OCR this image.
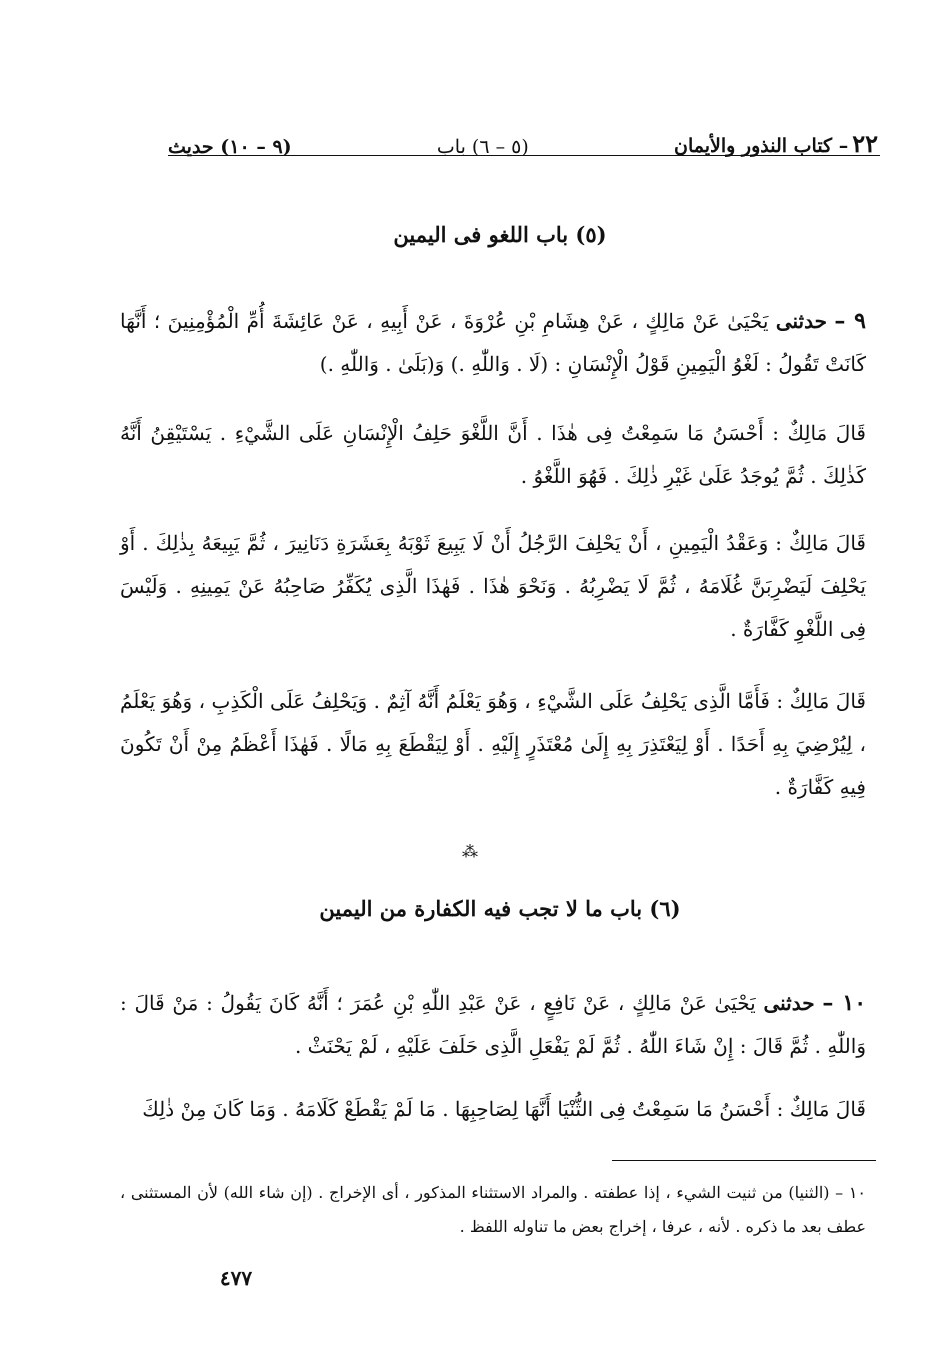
٢٢– كتاب النذور والأيمان
(٥ – ٦) باب
(٩ – ١٠) حديث
(٥) باب اللغو فى اليمين

٩ – حدثنى يَحْيَىٰ عَنْ مَالِكٍ ، عَنْ هِشَامِ بْنِ عُرْوَةَ ، عَنْ أَبِيهِ ، عَنْ عَائِشَةَ أُمِّ الْمُؤْمِنِينَ ؛ أَنَّهَا كَانَتْ تَقُولُ : لَغْوُ الْيَمِينِ قَوْلُ الْإِنْسَانِ : (لَا . وَاللّٰهِ .) وَ(بَلَىٰ . وَاللّٰهِ .)

قَالَ مَالِكٌ : أَحْسَنُ مَا سَمِعْتُ فِى هٰذَا . أَنَّ اللَّغْوَ حَلِفُ الْإِنْسَانِ عَلَى الشَّيْءِ . يَسْتَيْقِنُ أَنَّهُ كَذٰلِكَ . ثُمَّ يُوجَدُ عَلَىٰ غَيْرِ ذٰلِكَ . فَهُوَ اللَّغْوُ .

قَالَ مَالِكٌ : وَعَقْدُ الْيَمِينِ ، أَنْ يَحْلِفَ الرَّجُلُ أَنْ لَا يَبِيعَ ثَوْبَهُ بِعَشَرَةِ دَنَانِيرَ ، ثُمَّ يَبِيعَهُ بِذٰلِكَ . أَوْ يَحْلِفَ لَيَضْرِبَنَّ غُلَامَهُ ، ثُمَّ لَا يَضْرِبُهُ . وَنَحْوَ هٰذَا . فَهٰذَا الَّذِى يُكَفِّرُ صَاحِبُهُ عَنْ يَمِينِهِ . وَلَيْسَ فِى اللَّغْوِ كَفَّارَةٌ .

قَالَ مَالِكٌ : فَأَمَّا الَّذِى يَحْلِفُ عَلَى الشَّيْءِ ، وَهُوَ يَعْلَمُ أَنَّهُ آثِمٌ . وَيَحْلِفُ عَلَى الْكَذِبِ ، وَهُوَ يَعْلَمُ ، لِيُرْضِيَ بِهِ أَحَدًا . أَوْ لِيَعْتَذِرَ بِهِ إِلَىٰ مُعْتَذَرٍ إِلَيْهِ . أَوْ لِيَقْطَعَ بِهِ مَالًا . فَهٰذَا أَعْظَمُ مِنْ أَنْ تَكُونَ فِيهِ كَفَّارَةٌ .

⁂
(٦) باب ما لا تجب فيه الكفارة من اليمين

١٠ – حدثنى يَحْيَىٰ عَنْ مَالِكٍ ، عَنْ نَافِعٍ ، عَنْ عَبْدِ اللّٰهِ بْنِ عُمَرَ ؛ أَنَّهُ كَانَ يَقُولُ : مَنْ قَالَ : وَاللّٰهِ . ثُمَّ قَالَ : إِنْ شَاءَ اللّٰهُ . ثُمَّ لَمْ يَفْعَلِ الَّذِى حَلَفَ عَلَيْهِ ، لَمْ يَحْنَثْ .

قَالَ مَالِكٌ : أَحْسَنُ مَا سَمِعْتُ فِى الثُّنْيَا أَنَّهَا لِصَاحِبِهَا . مَا لَمْ يَقْطَعْ كَلَامَهُ . وَمَا كَانَ مِنْ ذٰلِكَ

١٠ – (الثنيا) من ثنيت الشيء ، إذا عطفته . والمراد الاستثناء المذكور ، أى الإخراج . (إن شاء الله) لأن المستثنى ، عطف بعد ما ذكره . لأنه ، عرفا ، إخراج بعض ما تناوله اللفظ .

٤٧٧
